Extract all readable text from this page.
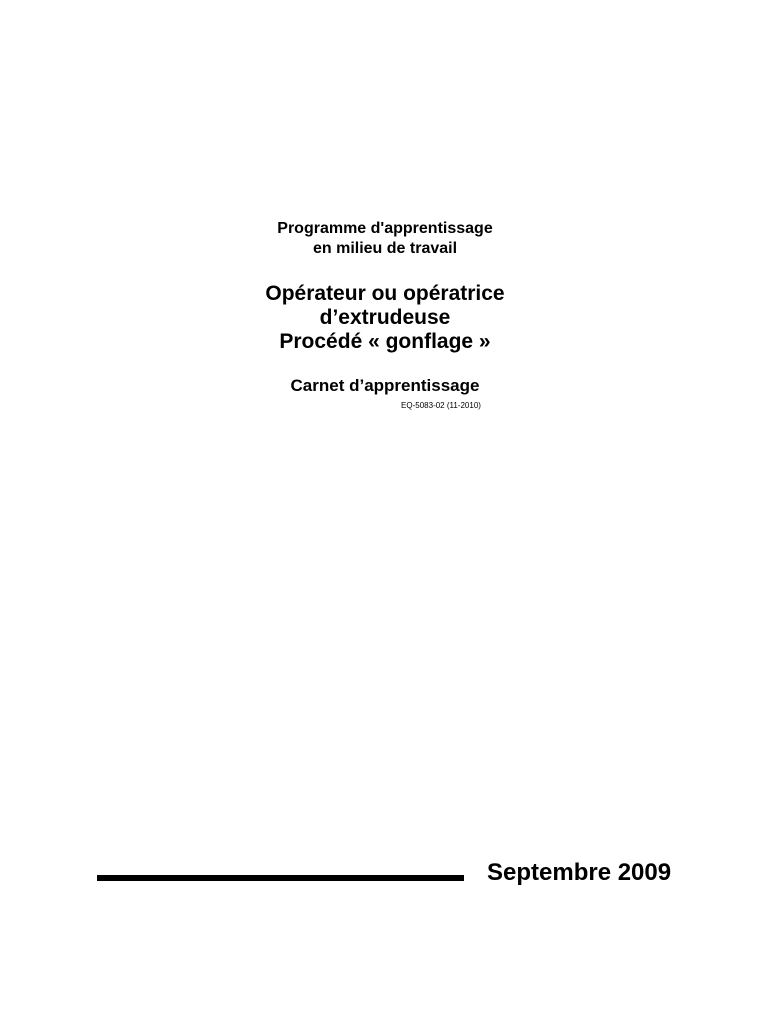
Programme d'apprentissage
en milieu de travail
Opérateur ou opératrice
d’extrudeuse
Procédé « gonflage »
Carnet d’apprentissage
EQ-5083-02 (11-2010)
Septembre 2009
